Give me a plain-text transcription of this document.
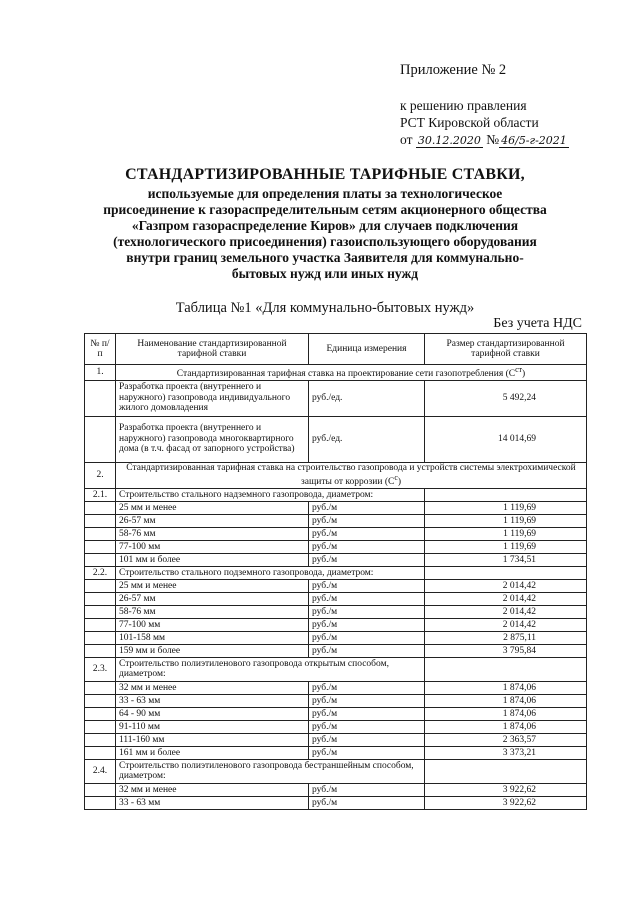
Приложение № 2
к решению правления
РСТ Кировской области
от 30.12.2020 № 46/5-г-2021
СТАНДАРТИЗИРОВАННЫЕ ТАРИФНЫЕ СТАВКИ,
используемые для определения платы за технологическое
присоединение к газораспределительным сетям акционерного общества
«Газпром газораспределение Киров» для случаев подключения
(технологического присоединения) газоиспользующего оборудования
внутри границ земельного участка Заявителя для коммунально-
бытовых нужд или иных нужд
Таблица №1 «Для коммунально-бытовых нужд»
Без учета НДС
№ п/п	Наименование стандартизированной тарифной ставки	Единица измерения	Размер стандартизированной тарифной ставки
1.	Стандартизированная тарифная ставка на проектирование сети газопотребления $(С^{ст})$		
	Разработка проекта (внутреннего и наружного) газопровода индивидуального жилого домовладения	руб./ед.	5 492,24
	Разработка проекта (внутреннего и наружного) газопровода многоквартирного дома (в т.ч. фасад от запорного устройства)	руб./ед.	14 014,69
2.	Стандартизированная тарифная ставка на строительство газопровода и устройств системы электрохимической защиты от коррозии $(С^с)$		
2.1.	Строительство стального надземного газопровода, диаметром:		
	25 мм и менее	руб./м	1 119,69
	26-57 мм	руб./м	1 119,69
	58-76 мм	руб./м	1 119,69
	77-100 мм	руб./м	1 119,69
	101 мм и более	руб./м	1 734,51
2.2.	Строительство стального подземного газопровода, диаметром:		
	25 мм и менее	руб./м	2 014,42
	26-57 мм	руб./м	2 014,42
	58-76 мм	руб./м	2 014,42
	77-100 мм	руб./м	2 014,42
	101-158 мм	руб./м	2 875,11
	159 мм и более	руб./м	3 795,84
2.3.	Строительство полиэтиленового газопровода открытым способом, диаметром:		
	32 мм и менее	руб./м	1 874,06
	33 - 63 мм	руб./м	1 874,06
	64 - 90 мм	руб./м	1 874,06
	91-110 мм	руб./м	1 874,06
	111-160 мм	руб./м	2 363,57
	161 мм и более	руб./м	3 373,21
2.4.	Строительство полиэтиленового газопровода бестраншейным способом, диаметром:		
	32 мм и менее	руб./м	3 922,62
	33 - 63 мм	руб./м	3 922,62
